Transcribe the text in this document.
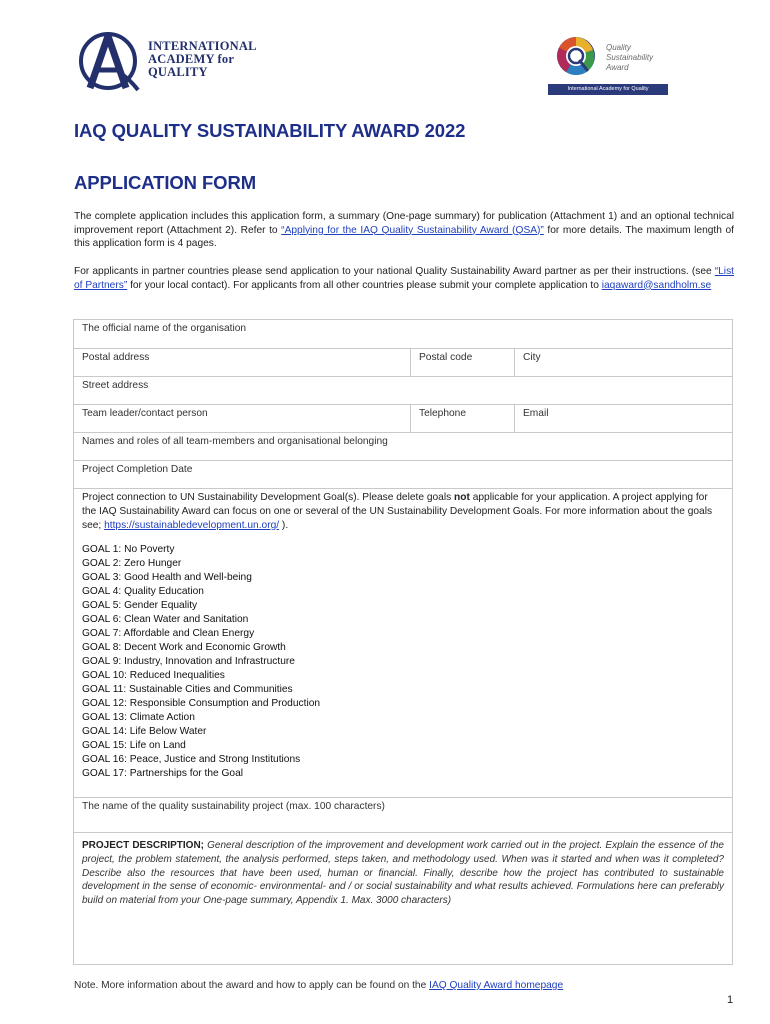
INTERNATIONAL
ACADEMY for
QUALITY
Quality
Sustainability
Award
International Academy for Quality
IAQ QUALITY SUSTAINABILITY AWARD 2022
APPLICATION FORM
The complete application includes this application form, a summary (One-page summary) for publication (Attachment 1) and an optional technical improvement report (Attachment 2). Refer to “Applying for the IAQ Quality Sustainability Award (QSA)” for more details. The maximum length of this application form is 4 pages.
For applicants in partner countries please send application to your national Quality Sustainability Award partner as per their instructions. (see “List of Partners” for your local contact). For applicants from all other countries please submit your complete application to iaqaward@sandholm.se
The official name of the organisation
Postal address	Postal code	City
Street address
Team leader/contact person	Telephone	Email
Names and roles of all team-members and organisational belonging
Project Completion Date
Project connection to UN Sustainability Development Goal(s). Please delete goals not applicable for your application. A project applying for the IAQ Sustainability Award can focus on one or several of the UN Sustainability Development Goals. For more information about the goals see; https://sustainabledevelopment.un.org/ ).
GOAL 1: No Poverty
GOAL 2: Zero Hunger
GOAL 3: Good Health and Well-being
GOAL 4: Quality Education
GOAL 5: Gender Equality
GOAL 6: Clean Water and Sanitation
GOAL 7: Affordable and Clean Energy
GOAL 8: Decent Work and Economic Growth
GOAL 9: Industry, Innovation and Infrastructure
GOAL 10: Reduced Inequalities
GOAL 11: Sustainable Cities and Communities
GOAL 12: Responsible Consumption and Production
GOAL 13: Climate Action
GOAL 14: Life Below Water
GOAL 15: Life on Land
GOAL 16: Peace, Justice and Strong Institutions
GOAL 17: Partnerships for the Goal
The name of the quality sustainability project (max. 100 characters)
PROJECT DESCRIPTION; General description of the improvement and development work carried out in the project. Explain the essence of the project, the problem statement, the analysis performed, steps taken, and methodology used. When was it started and when was it completed? Describe also the resources that have been used, human or financial. Finally, describe how the project has contributed to sustainable development in the sense of economic- environmental- and / or social sustainability and what results achieved. Formulations here can preferably build on material from your One-page summary, Appendix 1. Max. 3000 characters)
Note. More information about the award and how to apply can be found on the IAQ Quality Award homepage
1
